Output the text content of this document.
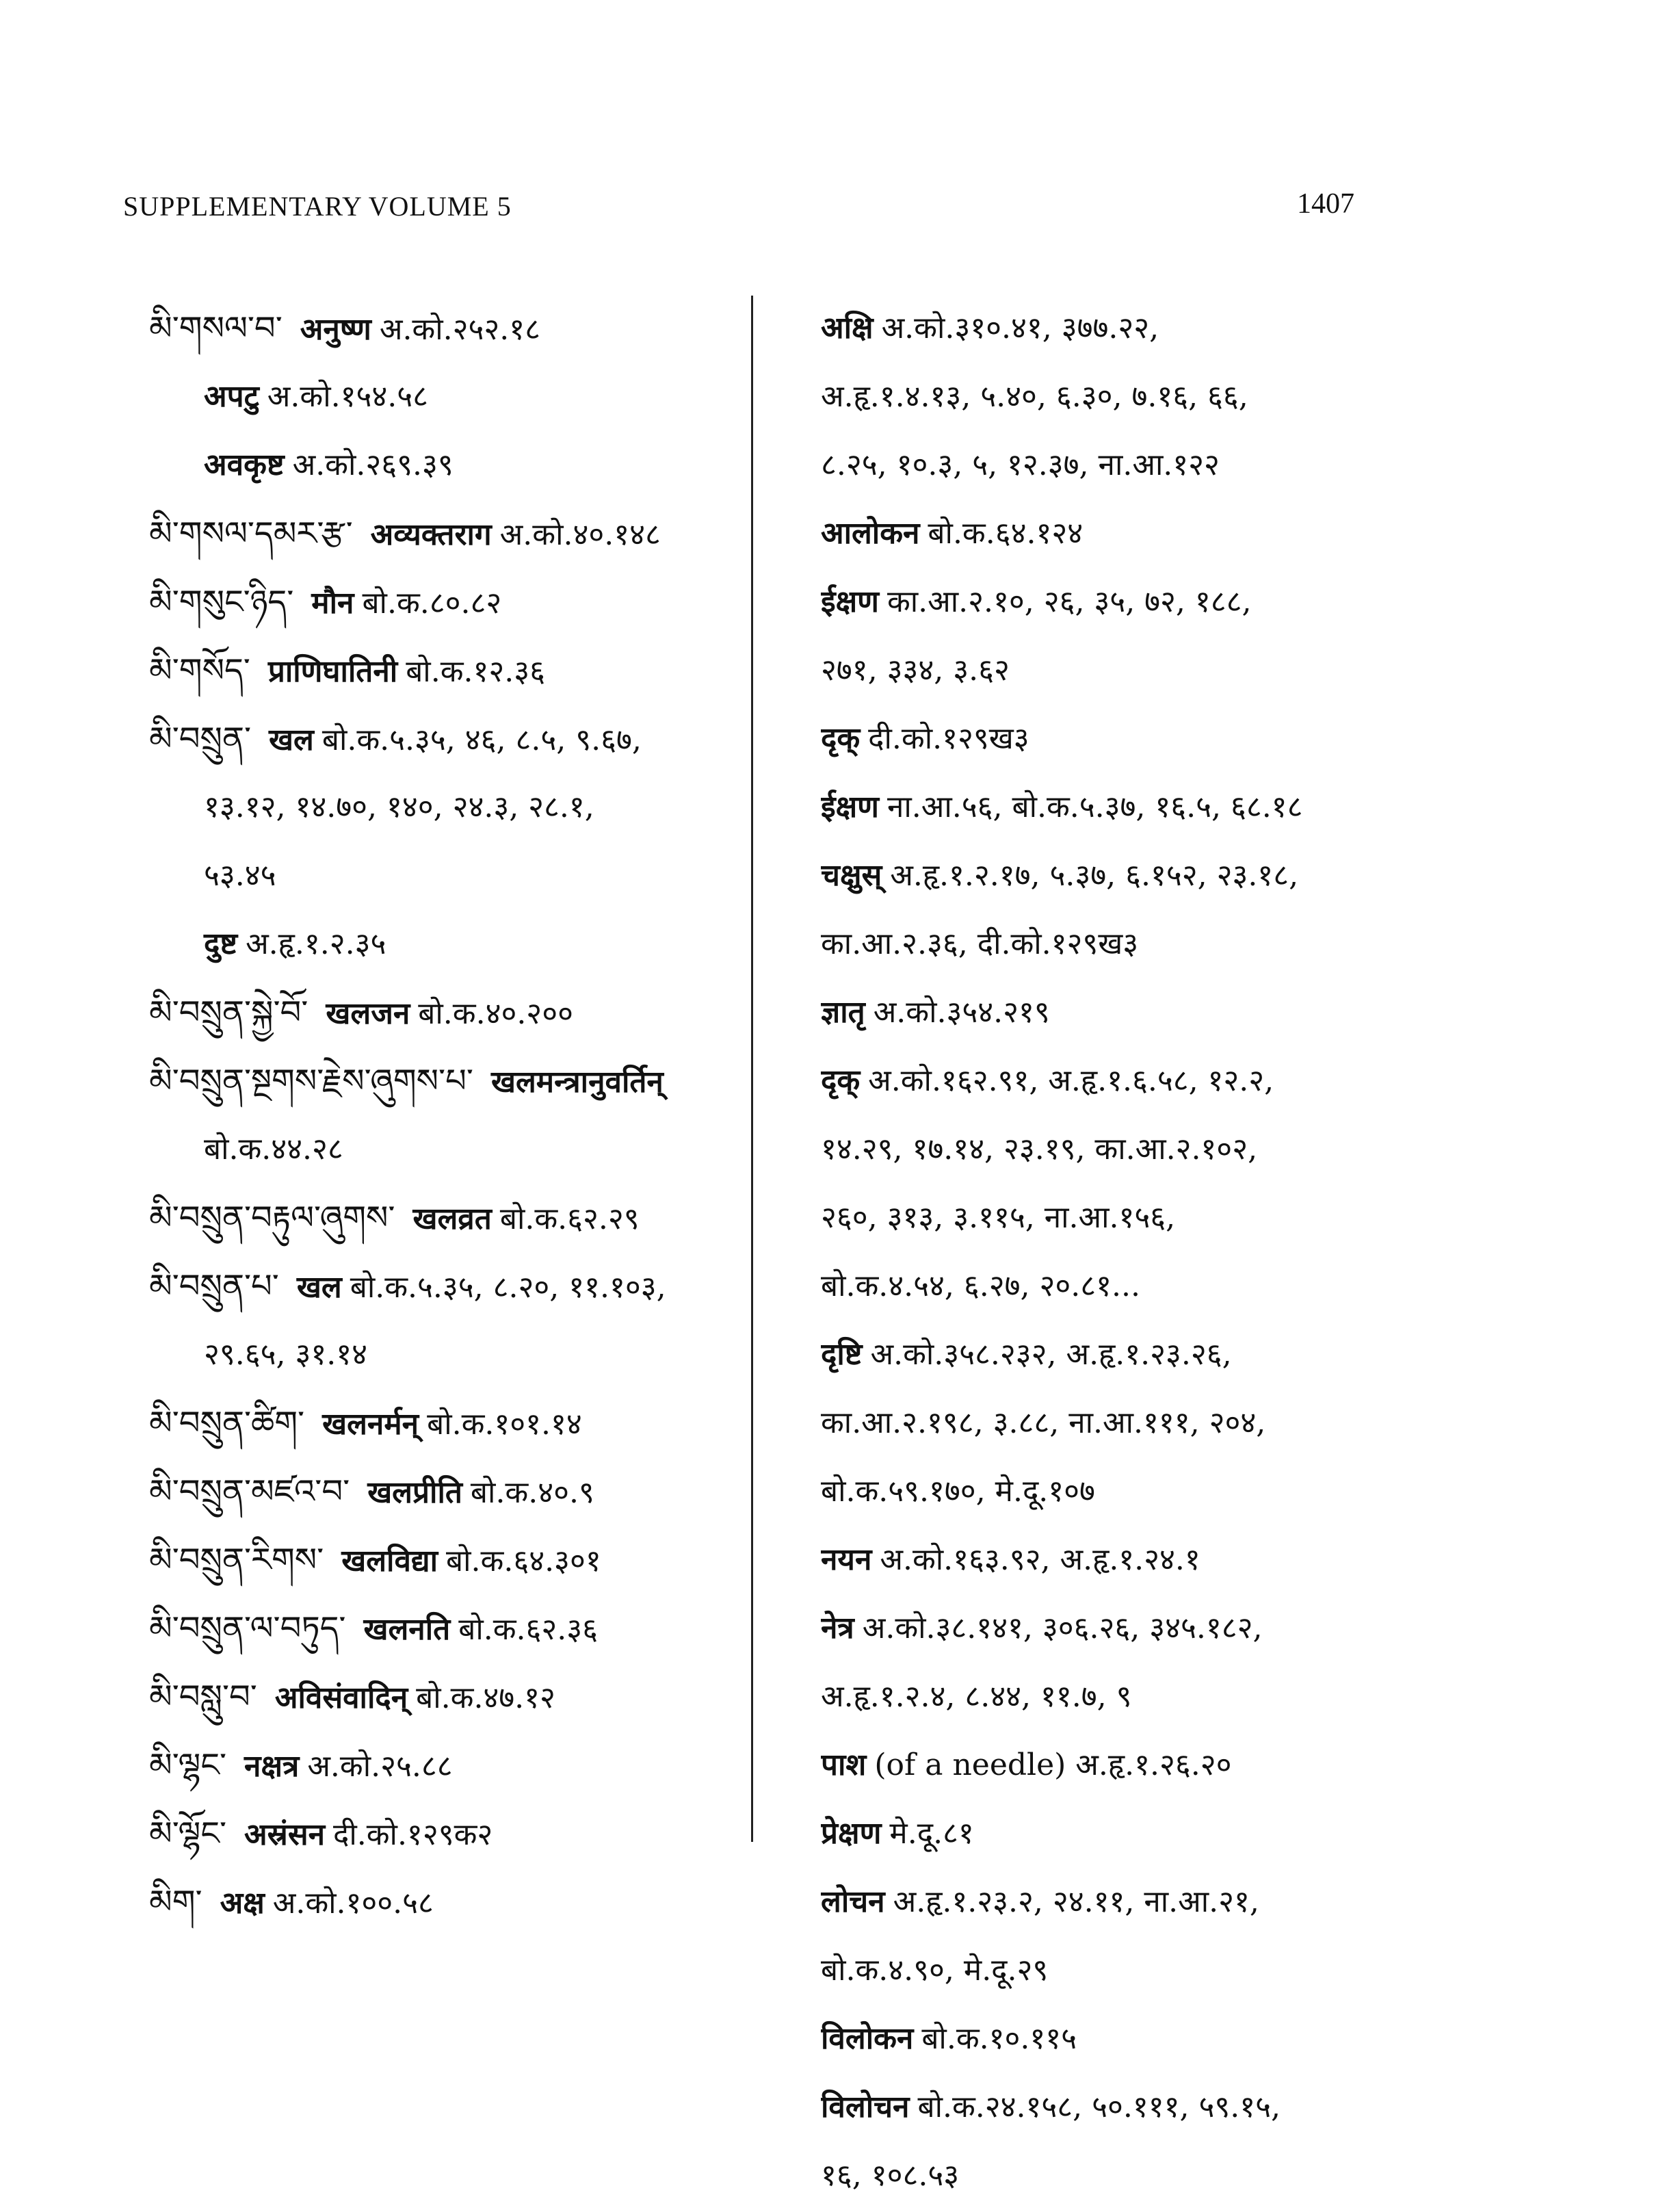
SUPPLEMENTARY VOLUME 5	1407
མི་གསལ་བ་ अनुष्ण अ.को.२५२.१८
अपटु अ.को.१५४.५८
अवकृष्ट अ.को.२६९.३९
མི་གསལ་དམར་རྩ་ अव्यक्तराग अ.को.४०.१४८
མི་གསུང་ཉིད་ मौन बो.क.८०.८२
མི་གསོད་ प्राणिघातिनी बो.क.१२.३६
མི་བསྲུན་ खल बो.क.५.३५, ४६, ८.५, ९.६७,
१३.१२, १४.७०, १४०, २४.३, २८.१,
५३.४५
दुष्ट अ.हृ.१.२.३५
མི་བསྲུན་སྐྱེ་བོ་ खलजन बो.क.४०.२००
མི་བསྲུན་སྔགས་རྗེས་ཞུགས་པ་ खलमन्त्रानुवर्तिन्
बो.क.४४.२८
མི་བསྲུན་བརྟུལ་ཞུགས་ खलव्रत बो.क.६२.२९
མི་བསྲུན་པ་ खल बो.क.५.३५, ८.२०, ११.१०३,
२९.६५, ३१.१४
མི་བསྲུན་ཚིག་ खलनर्मन् बो.क.१०१.१४
མི་བསྲུན་མཛའ་བ་ खलप्रीति बो.क.४०.९
མི་བསྲུན་རིགས་ खलविद्या बो.क.६४.३०१
མི་བསྲུན་ལ་བཏུད་ खलनति बो.क.६२.३६
མི་བསླུ་བ་ अविसंवादिन् बो.क.४७.१२
མི་ལྷང་ नक्षत्र अ.को.२५.८८
མི་ལྷོང་ अस्रंसन दी.को.१२९क२
མིག་ अक्ष अ.को.१००.५८
अक्षि अ.को.३१०.४१, ३७७.२२,
अ.हृ.१.४.१३, ५.४०, ६.३०, ७.१६, ६६,
८.२५, १०.३, ५, १२.३७, ना.आ.१२२
आलोकन बो.क.६४.१२४
ईक्षण का.आ.२.१०, २६, ३५, ७२, १८८,
२७१, ३३४, ३.६२
दृक् दी.को.१२९ख३
ईक्षण ना.आ.५६, बो.क.५.३७, १६.५, ६८.१८
चक्षुस् अ.हृ.१.२.१७, ५.३७, ६.१५२, २३.१८,
का.आ.२.३६, दी.को.१२९ख३
ज्ञातृ अ.को.३५४.२१९
दृक् अ.को.१६२.९१, अ.हृ.१.६.५८, १२.२,
१४.२९, १७.१४, २३.१९, का.आ.२.१०२,
२६०, ३१३, ३.११५, ना.आ.१५६,
बो.क.४.५४, ६.२७, २०.८१...
दृष्टि अ.को.३५८.२३२, अ.हृ.१.२३.२६,
का.आ.२.१९८, ३.८८, ना.आ.१११, २०४,
बो.क.५९.१७०, मे.दू.१०७
नयन अ.को.१६३.९२, अ.हृ.१.२४.१
नेत्र अ.को.३८.१४१, ३०६.२६, ३४५.१८२,
अ.हृ.१.२.४, ८.४४, ११.७, ९
पाश (of a needle) अ.हृ.१.२६.२०
प्रेक्षण मे.दू.८१
लोचन अ.हृ.१.२३.२, २४.११, ना.आ.२१,
बो.क.४.९०, मे.दू.२९
विलोकन बो.क.१०.११५
विलोचन बो.क.२४.१५८, ५०.१११, ५९.१५,
१६, १०८.५३
